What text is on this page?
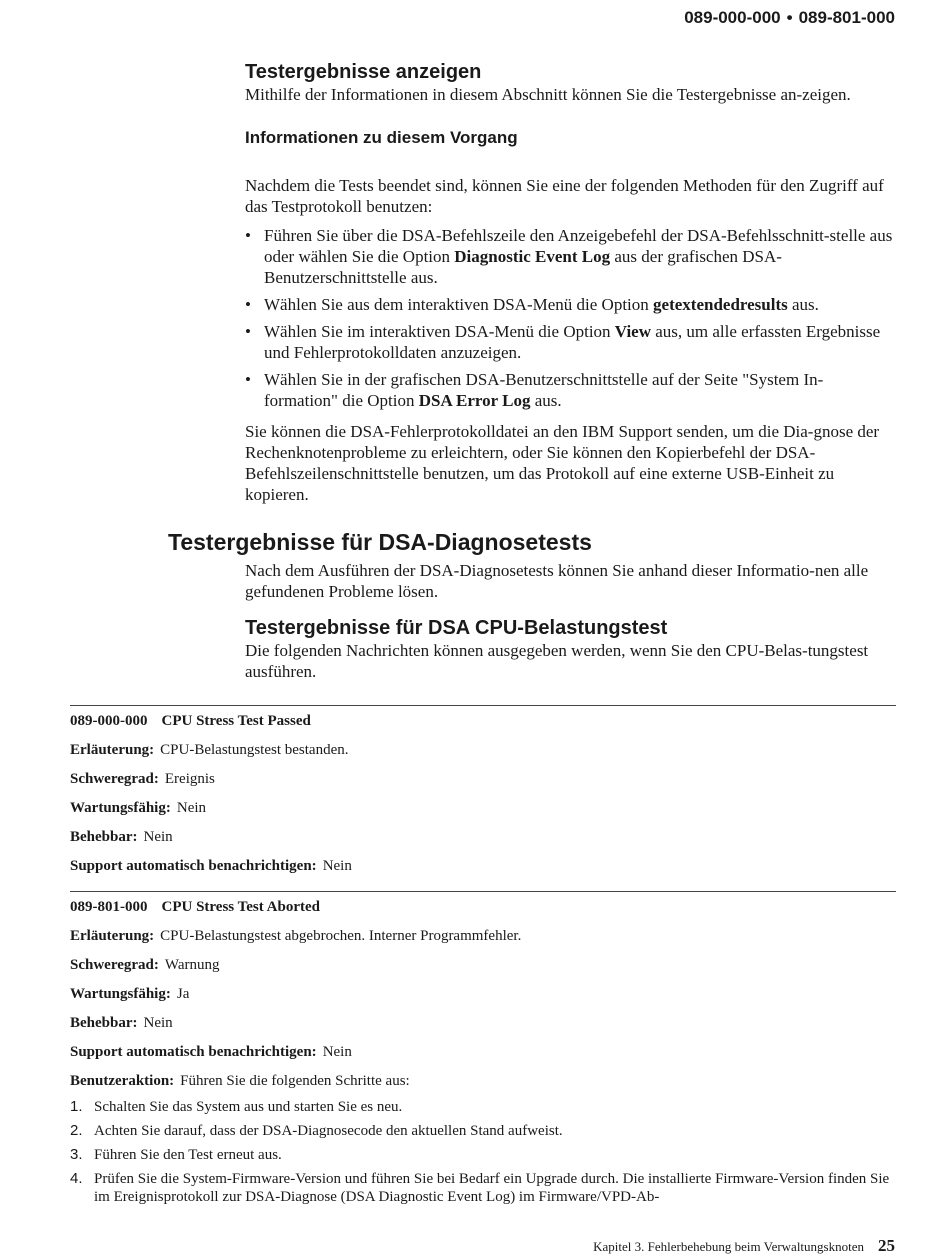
089-000-000 • 089-801-000
Testergebnisse anzeigen

Mithilfe der Informationen in diesem Abschnitt können Sie die Testergebnisse an-zeigen.

Informationen zu diesem Vorgang

Nachdem die Tests beendet sind, können Sie eine der folgenden Methoden für den Zugriff auf das Testprotokoll benutzen:

• Führen Sie über die DSA-Befehlszeile den Anzeigebefehl der DSA-Befehlsschnitt-stelle aus oder wählen Sie die Option Diagnostic Event Log aus der grafischen DSA-Benutzerschnittstelle aus.
• Wählen Sie aus dem interaktiven DSA-Menü die Option getextendedresults aus.
• Wählen Sie im interaktiven DSA-Menü die Option View aus, um alle erfassten Ergebnisse und Fehlerprotokolldaten anzuzeigen.
• Wählen Sie in der grafischen DSA-Benutzerschnittstelle auf der Seite "System In-formation" die Option DSA Error Log aus.

Sie können die DSA-Fehlerprotokolldatei an den IBM Support senden, um die Dia-gnose der Rechenknotenprobleme zu erleichtern, oder Sie können den Kopierbefehl der DSA-Befehlszeilenschnittstelle benutzen, um das Protokoll auf eine externe USB-Einheit zu kopieren.

Testergebnisse für DSA-Diagnosetests

Nach dem Ausführen der DSA-Diagnosetests können Sie anhand dieser Informatio-nen alle gefundenen Probleme lösen.

Testergebnisse für DSA CPU-Belastungstest

Die folgenden Nachrichten können ausgegeben werden, wenn Sie den CPU-Belas-tungstest ausführen.

089-000-000 CPU Stress Test Passed

Erläuterung: CPU-Belastungstest bestanden.

Schweregrad: Ereignis

Wartungsfähig: Nein

Behebbar: Nein

Support automatisch benachrichtigen: Nein

089-801-000 CPU Stress Test Aborted

Erläuterung: CPU-Belastungstest abgebrochen. Interner Programmfehler.

Schweregrad: Warnung

Wartungsfähig: Ja

Behebbar: Nein

Support automatisch benachrichtigen: Nein

Benutzeraktion: Führen Sie die folgenden Schritte aus:

1. Schalten Sie das System aus und starten Sie es neu.
2. Achten Sie darauf, dass der DSA-Diagnosecode den aktuellen Stand aufweist.
3. Führen Sie den Test erneut aus.
4. Prüfen Sie die System-Firmware-Version und führen Sie bei Bedarf ein Upgrade durch. Die installierte Firmware-Version finden Sie im Ereignisprotokoll zur DSA-Diagnose (DSA Diagnostic Event Log) im Firmware/VPD-Ab-
Kapitel 3. Fehlerbehebung beim Verwaltungsknoten 25
